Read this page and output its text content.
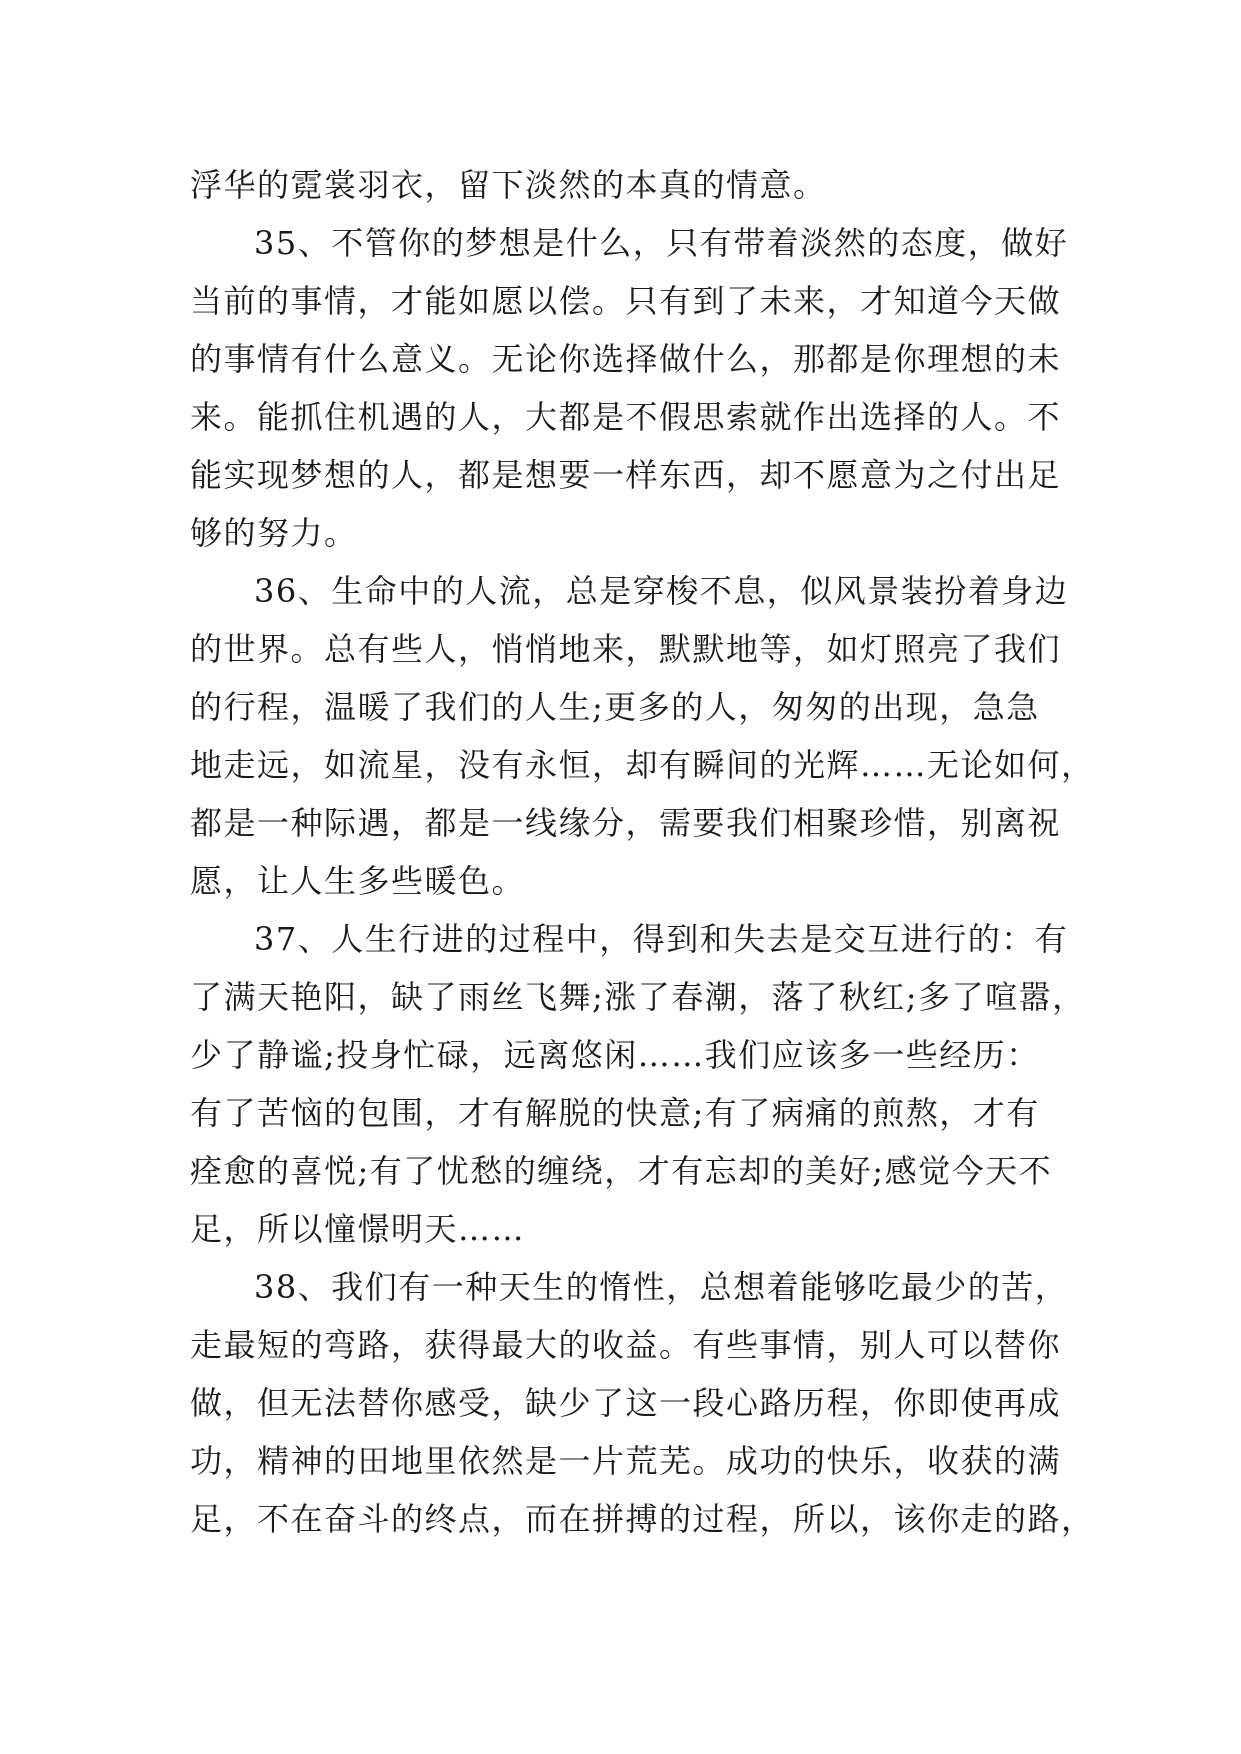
浮华的霓裳羽衣，留下淡然的本真的情意。
35、不管你的梦想是什么，只有带着淡然的态度，做好
当前的事情，才能如愿以偿。只有到了未来，才知道今天做
的事情有什么意义。无论你选择做什么，那都是你理想的未
来。能抓住机遇的人，大都是不假思索就作出选择的人。不
能实现梦想的人，都是想要一样东西，却不愿意为之付出足
够的努力。
36、生命中的人流，总是穿梭不息，似风景装扮着身边
的世界。总有些人，悄悄地来，默默地等，如灯照亮了我们
的行程，温暖了我们的人生;更多的人，匆匆的出现，急急
地走远，如流星，没有永恒，却有瞬间的光辉……无论如何，
都是一种际遇，都是一线缘分，需要我们相聚珍惜，别离祝
愿，让人生多些暖色。
37、人生行进的过程中，得到和失去是交互进行的：有
了满天艳阳，缺了雨丝飞舞;涨了春潮，落了秋红;多了喧嚣，
少了静谧;投身忙碌，远离悠闲……我们应该多一些经历：
有了苦恼的包围，才有解脱的快意;有了病痛的煎熬，才有
痊愈的喜悦;有了忧愁的缠绕，才有忘却的美好;感觉今天不
足，所以憧憬明天……
38、我们有一种天生的惰性，总想着能够吃最少的苦，
走最短的弯路，获得最大的收益。有些事情，别人可以替你
做，但无法替你感受，缺少了这一段心路历程，你即使再成
功，精神的田地里依然是一片荒芜。成功的快乐，收获的满
足，不在奋斗的终点，而在拼搏的过程，所以，该你走的路，
